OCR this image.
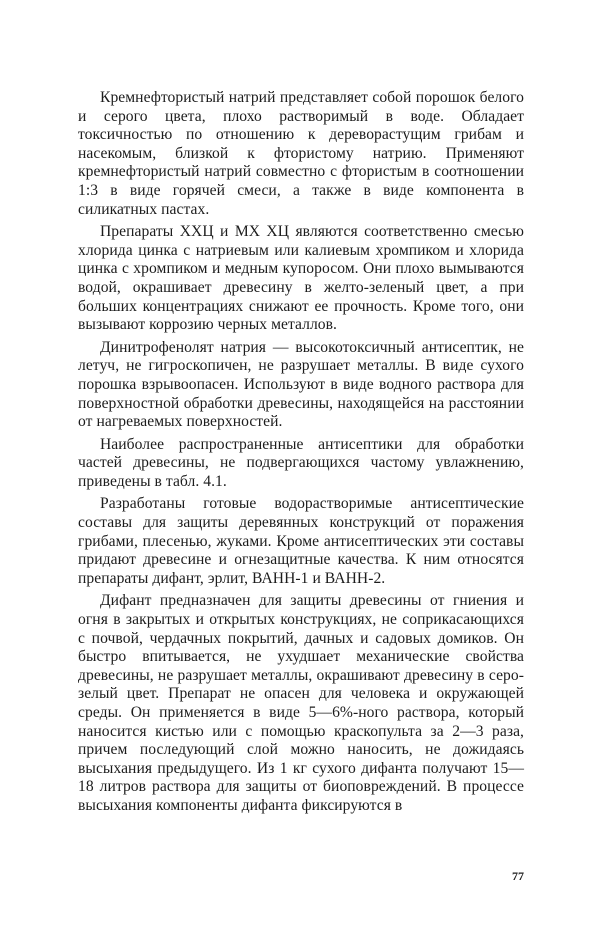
Кремнефтористый натрий представляет собой порошок белого и серого цвета, плохо растворимый в воде. Обладает токсичностью по отношению к дереворастущим грибам и насекомым, близкой к фтористому натрию. Применяют кремнефтористый натрий совместно с фтористым в соотношении 1:3 в виде горячей смеси, а также в виде компонента в силикатных пастах.

Препараты ХХЦ и МХ ХЦ являются соответственно смесью хлорида цинка с натриевым или калиевым хромпиком и хлорида цинка с хромпиком и медным купоросом. Они плохо вымываются водой, окрашивает древесину в желто-зеленый цвет, а при больших концентрациях снижают ее прочность. Кроме того, они вызывают коррозию черных металлов.

Динитрофенолят натрия — высокотоксичный антисептик, не летуч, не гигроскопичен, не разрушает металлы. В виде сухого порошка взрывоопасен. Используют в виде водного раствора для поверхностной обработки древесины, находящейся на расстоянии от нагреваемых поверхностей.

Наиболее распространенные антисептики для обработки частей древесины, не подвергающихся частому увлажнению, приведены в табл. 4.1.

Разработаны готовые водорастворимые антисептические составы для защиты деревянных конструкций от поражения грибами, плесенью, жуками. Кроме антисептических эти составы придают древесине и огнезащитные качества. К ним относятся препараты дифант, эрлит, ВАНН-1 и ВАНН-2.

Дифант предназначен для защиты древесины от гниения и огня в закрытых и открытых конструкциях, не соприкасающихся с почвой, чердачных покрытий, дачных и садовых домиков. Он быстро впитывается, не ухудшает механические свойства древесины, не разрушает металлы, окрашивают древесину в серо-зелый цвет. Препарат не опасен для человека и окружающей среды. Он применяется в виде 5—6%-ного раствора, который наносится кистью или с помощью краскопульта за 2—3 раза, причем последующий слой можно наносить, не дожидаясь высыхания предыдущего. Из 1 кг сухого дифанта получают 15—18 литров раствора для защиты от биоповреждений. В процессе высыхания компоненты дифанта фиксируются в

77
